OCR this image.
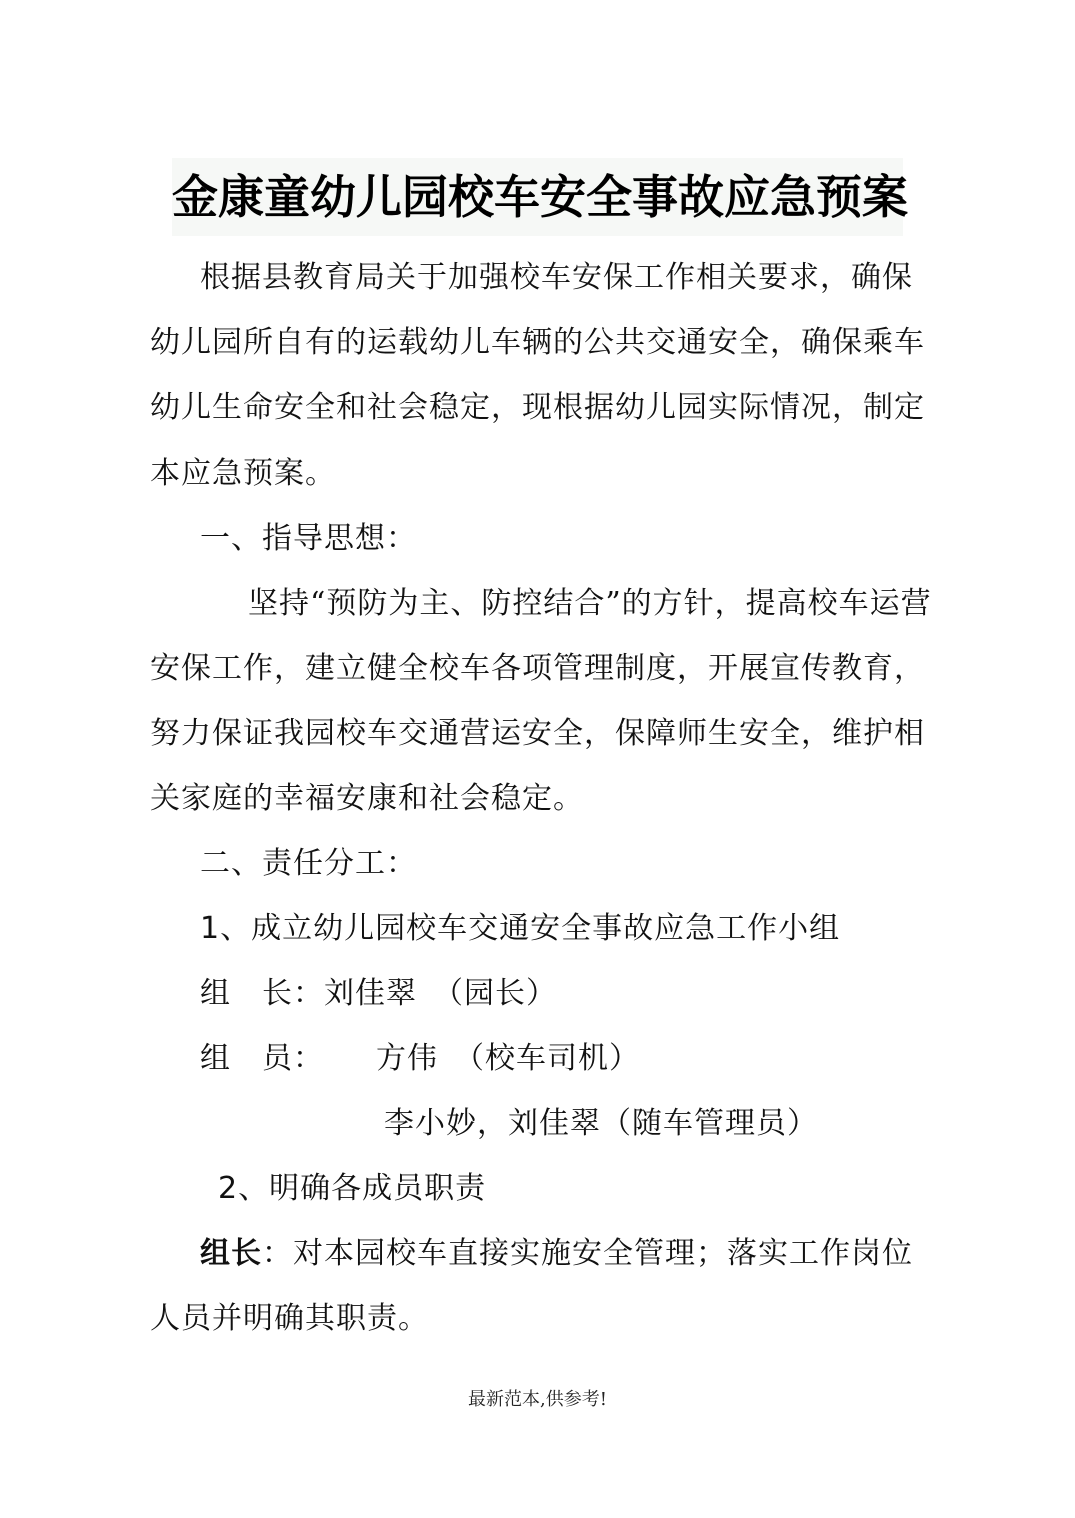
金康童幼儿园校车安全事故应急预案
根据县教育局关于加强校车安保工作相关要求，确保
幼儿园所自有的运载幼儿车辆的公共交通安全，确保乘车
幼儿生命安全和社会稳定，现根据幼儿园实际情况，制定
本应急预案。
一、指导思想：
坚持“预防为主、防控结合”的方针，提高校车运营
安保工作，建立健全校车各项管理制度，开展宣传教育，
努力保证我园校车交通营运安全，保障师生安全，维护相
关家庭的幸福安康和社会稳定。
二、责任分工：
1、成立幼儿园校车交通安全事故应急工作小组
组　长：刘佳翠　（园长）
组　员： 方伟　（校车司机）
李小妙，刘佳翠（随车管理员）
2、明确各成员职责
组长：对本园校车直接实施安全管理；落实工作岗位
人员并明确其职责。
最新范本,供参考!
